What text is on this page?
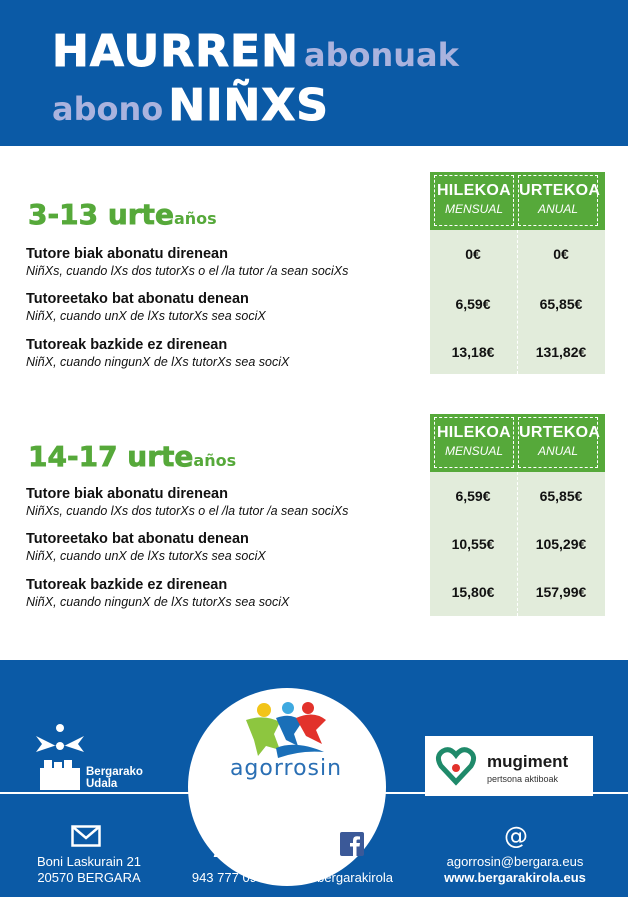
HAURREN abonuak
abono NIÑXS
3-13 urteaños
Tutore biak abonatu direnean
NiñXs, cuando lXs dos tutorXs o el /la tutor /a sean sociXs
Tutoreetako bat abonatu denean
NiñX, cuando unX de lXs tutorXs sea sociX
Tutoreak bazkide ez direnean
NiñX, cuando ningunX de lXs tutorXs sea sociX
HILEKOA
MENSUAL
URTEKOA
ANUAL
0€	0€
6,59€	65,85€
13,18€	131,82€
14-17 urteaños
Tutore biak abonatu direnean
NiñXs, cuando lXs dos tutorXs o el /la tutor /a sean sociXs
Tutoreetako bat abonatu denean
NiñX, cuando unX de lXs tutorXs sea sociX
Tutoreak bazkide ez direnean
NiñX, cuando ningunX de lXs tutorXs sea sociX
HILEKOA
MENSUAL
URTEKOA
ANUAL
6,59€	65,85€
10,55€	105,29€
15,80€	157,99€
Bergarako
Udala
agorrosin	mugiment
pertsona aktiboak
@
Boni Laskurain 21
20570 BERGARA	943 777 095	bergarakirola
agorrosin@bergara.eus
www.bergarakirola.eus
